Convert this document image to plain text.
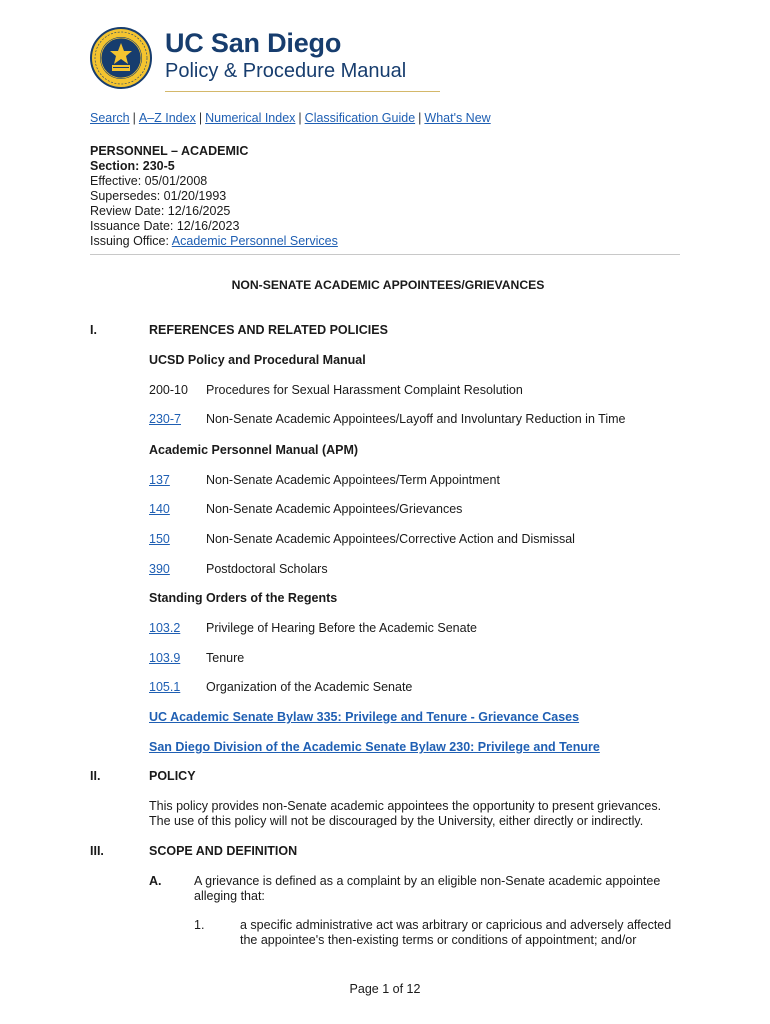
UC San Diego
Policy & Procedure Manual
Search | A–Z Index | Numerical Index | Classification Guide | What's New
PERSONNEL – ACADEMIC
Section: 230-5
Effective: 05/01/2008
Supersedes: 01/20/1993
Review Date: 12/16/2025
Issuance Date: 12/16/2023
Issuing Office: Academic Personnel Services
NON-SENATE ACADEMIC APPOINTEES/GRIEVANCES
I.	REFERENCES AND RELATED POLICIES
UCSD Policy and Procedural Manual
200-10	Procedures for Sexual Harassment Complaint Resolution
230-7	Non-Senate Academic Appointees/Layoff and Involuntary Reduction in Time
Academic Personnel Manual (APM)
137	Non-Senate Academic Appointees/Term Appointment
140	Non-Senate Academic Appointees/Grievances
150	Non-Senate Academic Appointees/Corrective Action and Dismissal
390	Postdoctoral Scholars
Standing Orders of the Regents
103.2	Privilege of Hearing Before the Academic Senate
103.9	Tenure
105.1	Organization of the Academic Senate
UC Academic Senate Bylaw 335: Privilege and Tenure - Grievance Cases
San Diego Division of the Academic Senate Bylaw 230: Privilege and Tenure
II.	POLICY
This policy provides non-Senate academic appointees the opportunity to present grievances.
The use of this policy will not be discouraged by the University, either directly or indirectly.
III.	SCOPE AND DEFINITION
A.	A grievance is defined as a complaint by an eligible non-Senate academic appointee
alleging that:
1.	a specific administrative act was arbitrary or capricious and adversely affected
the appointee's then-existing terms or conditions of appointment; and/or
Page 1 of 12
